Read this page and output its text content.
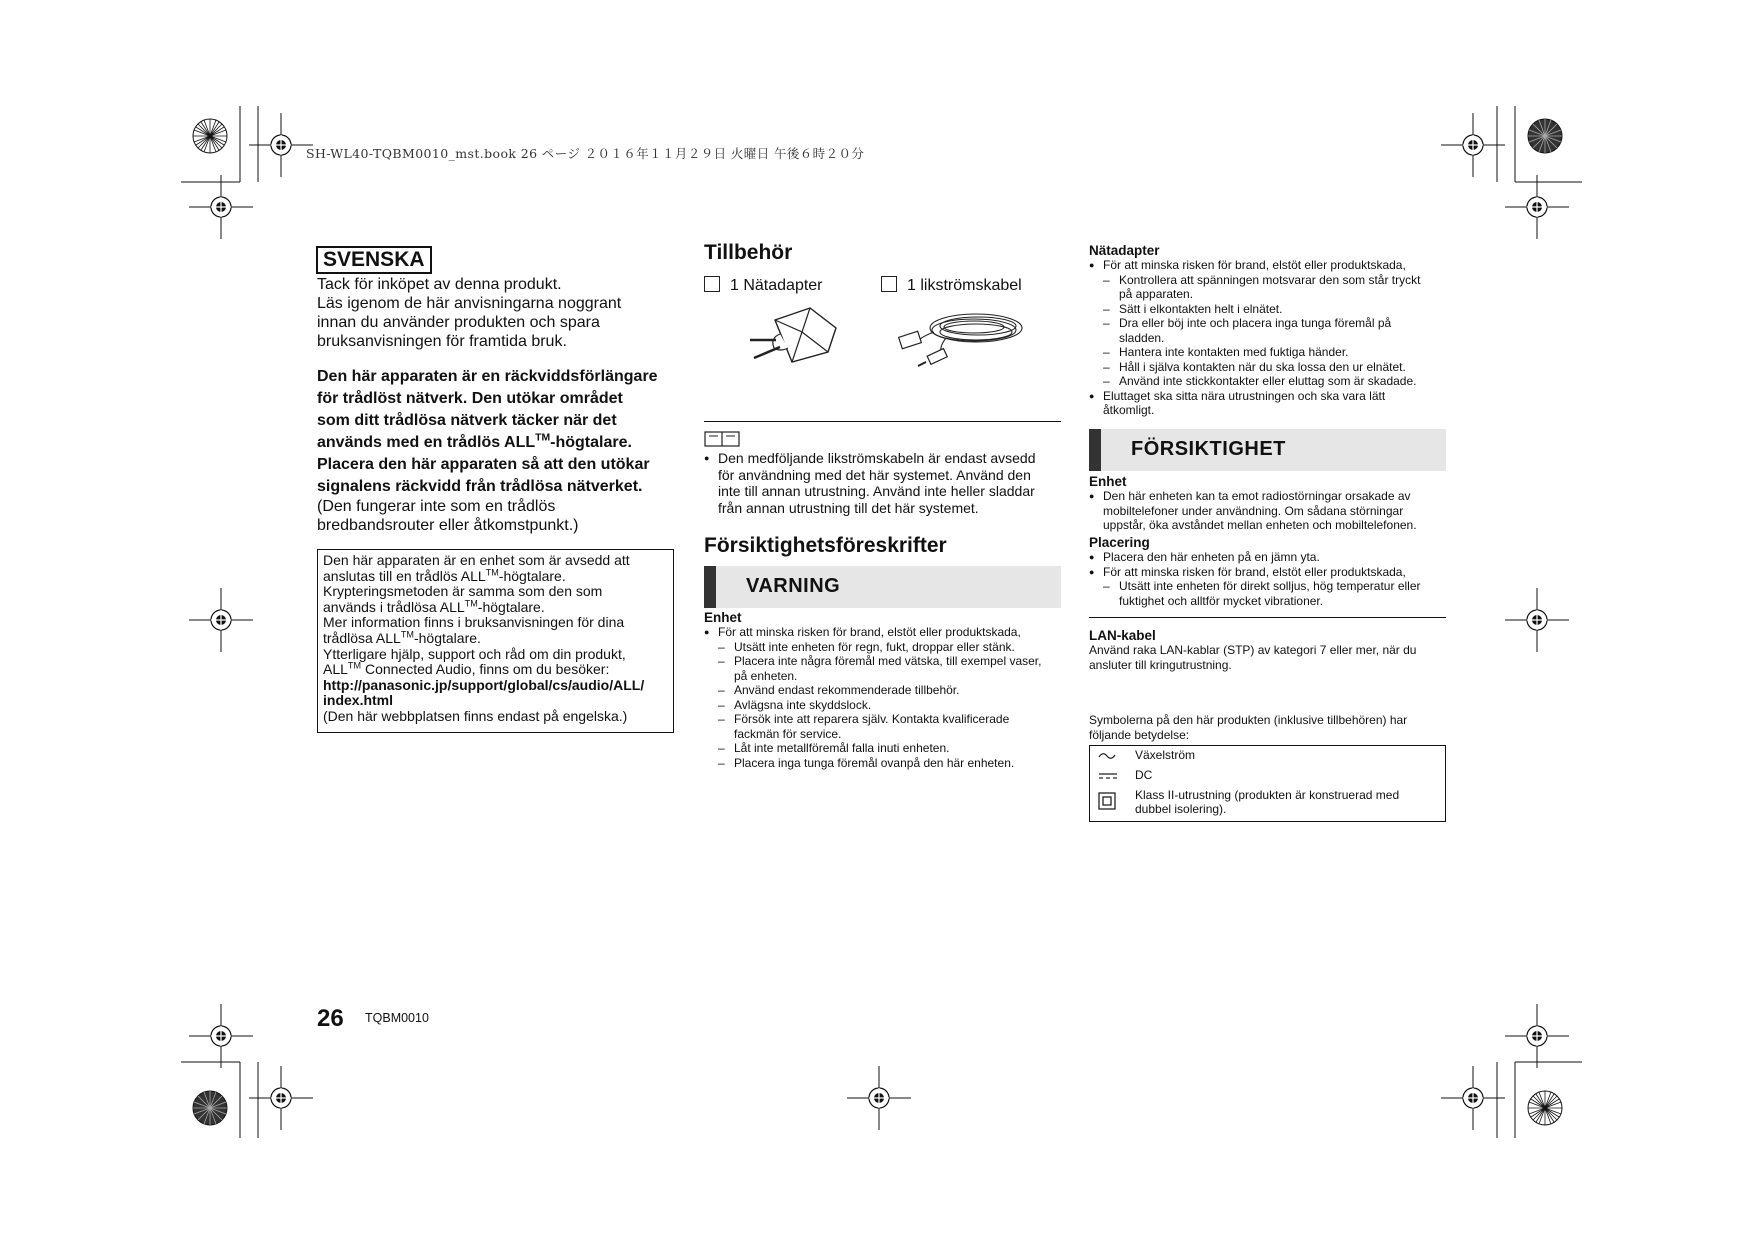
SH-WL40-TQBM0010_mst.book 26 ページ ２０１６年１１月２９日 火曜日 午後６時２０分
SVENSKA
Tack för inköpet av denna produkt.
Läs igenom de här anvisningarna noggrant
innan du använder produkten och spara
bruksanvisningen för framtida bruk.
Den här apparaten är en räckviddsförlängare
för trådlöst nätverk. Den utökar området
som ditt trådlösa nätverk täcker när det
används med en trådlös ALL™-högtalare.
Placera den här apparaten så att den utökar
signalens räckvidd från trådlösa nätverket.
(Den fungerar inte som en trådlös
bredbandsrouter eller åtkomstpunkt.)
Den här apparaten är en enhet som är avsedd att
anslutas till en trådlös ALL™-högtalare.
Krypteringsmetoden är samma som den som
används i trådlösa ALL™-högtalare.
Mer information finns i bruksanvisningen för dina
trådlösa ALL™-högtalare.
Ytterligare hjälp, support och råd om din produkt,
ALL™ Connected Audio, finns om du besöker:
http://panasonic.jp/support/global/cs/audio/ALL/
index.html
(Den här webbplatsen finns endast på engelska.)
Tillbehör
1 Nätadapter	1 likströmskabel
● Den medföljande likströmskabeln är endast avsedd
för användning med det här systemet. Använd den
inte till annan utrustning. Använd inte heller sladdar
från annan utrustning till det här systemet.
Försiktighetsföreskrifter
VARNING
Enhet
● För att minska risken för brand, elstöt eller produktskada,
– Utsätt inte enheten för regn, fukt, droppar eller stänk.
– Placera inte några föremål med vätska, till exempel vaser,
på enheten.
– Använd endast rekommenderade tillbehör.
– Avlägsna inte skyddslock.
– Försök inte att reparera själv. Kontakta kvalificerade
fackmän för service.
– Låt inte metallföremål falla inuti enheten.
– Placera inga tunga föremål ovanpå den här enheten.
Nätadapter
● För att minska risken för brand, elstöt eller produktskada,
– Kontrollera att spänningen motsvarar den som står tryckt
på apparaten.
– Sätt i elkontakten helt i elnätet.
– Dra eller böj inte och placera inga tunga föremål på
sladden.
– Hantera inte kontakten med fuktiga händer.
– Håll i själva kontakten när du ska lossa den ur elnätet.
– Använd inte stickkontakter eller eluttag som är skadade.
● Eluttaget ska sitta nära utrustningen och ska vara lätt
åtkomligt.
FÖRSIKTIGHET
Enhet
● Den här enheten kan ta emot radiostörningar orsakade av
mobiltelefoner under användning. Om sådana störningar
uppstår, öka avståndet mellan enheten och mobiltelefonen.
Placering
● Placera den här enheten på en jämn yta.
● För att minska risken för brand, elstöt eller produktskada,
– Utsätt inte enheten för direkt solljus, hög temperatur eller
fuktighet och alltför mycket vibrationer.
LAN-kabel
Använd raka LAN-kablar (STP) av kategori 7 eller mer, när du
ansluter till kringutrustning.
Symbolerna på den här produkten (inklusive tillbehören) har
följande betydelse:
Växelström
DC
Klass II-utrustning (produkten är konstruerad med
dubbel isolering).
26 TQBM0010
